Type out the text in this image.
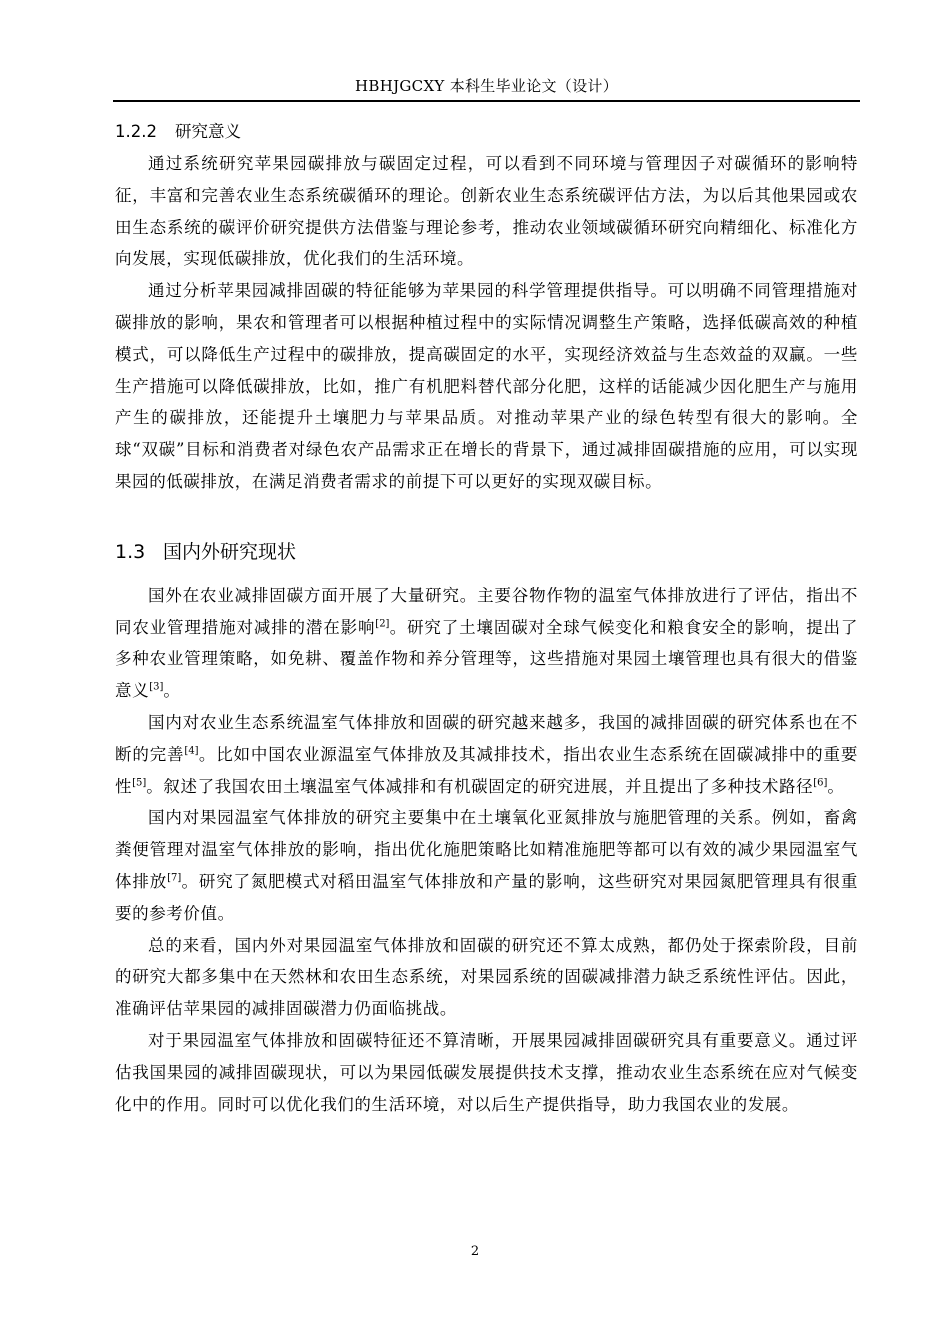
HBHJGCXY 本科生毕业论文（设计）
1.2.2 研究意义

通过系统研究苹果园碳排放与碳固定过程，可以看到不同环境与管理因子对碳循环的影响特征，丰富和完善农业生态系统碳循环的理论。创新农业生态系统碳评估方法，为以后其他果园或农田生态系统的碳评价研究提供方法借鉴与理论参考，推动农业领域碳循环研究向精细化、标准化方向发展，实现低碳排放，优化我们的生活环境。

通过分析苹果园减排固碳的特征能够为苹果园的科学管理提供指导。可以明确不同管理措施对碳排放的影响，果农和管理者可以根据种植过程中的实际情况调整生产策略，选择低碳高效的种植模式，可以降低生产过程中的碳排放，提高碳固定的水平，实现经济效益与生态效益的双赢。一些生产措施可以降低碳排放，比如，推广有机肥料替代部分化肥，这样的话能减少因化肥生产与施用产生的碳排放，还能提升土壤肥力与苹果品质。对推动苹果产业的绿色转型有很大的影响。全球“双碳”目标和消费者对绿色农产品需求正在增长的背景下，通过减排固碳措施的应用，可以实现果园的低碳排放，在满足消费者需求的前提下可以更好的实现双碳目标。

1.3 国内外研究现状

国外在农业减排固碳方面开展了大量研究。主要谷物作物的温室气体排放进行了评估，指出不同农业管理措施对减排的潜在影响[2]。研究了土壤固碳对全球气候变化和粮食安全的影响，提出了多种农业管理策略，如免耕、覆盖作物和养分管理等，这些措施对果园土壤管理也具有很大的借鉴意义[3]。

国内对农业生态系统温室气体排放和固碳的研究越来越多，我国的减排固碳的研究体系也在不断的完善[4]。比如中国农业源温室气体排放及其减排技术，指出农业生态系统在固碳减排中的重要性[5]。叙述了我国农田土壤温室气体减排和有机碳固定的研究进展，并且提出了多种技术路径[6]。

国内对果园温室气体排放的研究主要集中在土壤氧化亚氮排放与施肥管理的关系。例如，畜禽粪便管理对温室气体排放的影响，指出优化施肥策略比如精准施肥等都可以有效的减少果园温室气体排放[7]。研究了氮肥模式对稻田温室气体排放和产量的影响，这些研究对果园氮肥管理具有很重要的参考价值。

总的来看，国内外对果园温室气体排放和固碳的研究还不算太成熟，都仍处于探索阶段，目前的研究大都多集中在天然林和农田生态系统，对果园系统的固碳减排潜力缺乏系统性评估。因此，准确评估苹果园的减排固碳潜力仍面临挑战。

对于果园温室气体排放和固碳特征还不算清晰，开展果园减排固碳研究具有重要意义。通过评估我国果园的减排固碳现状，可以为果园低碳发展提供技术支撑，推动农业生态系统在应对气候变化中的作用。同时可以优化我们的生活环境，对以后生产提供指导，助力我国农业的发展。

2
